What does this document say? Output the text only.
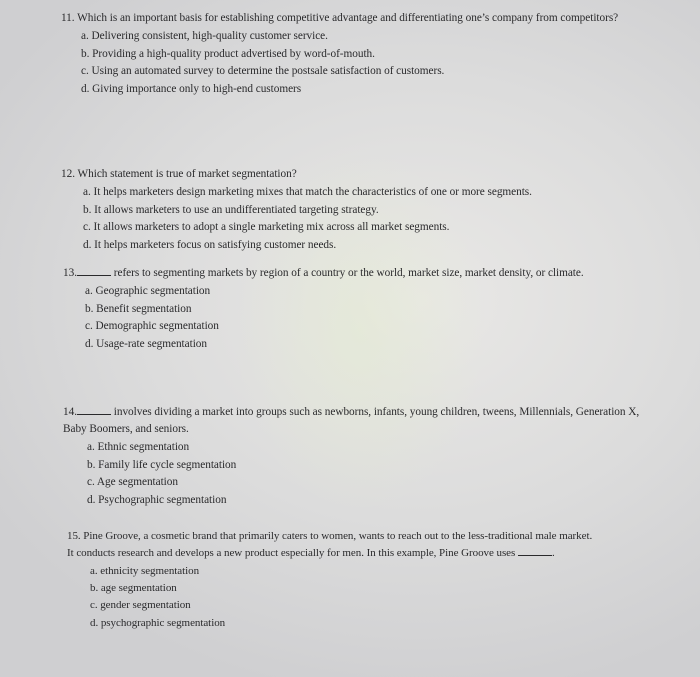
11. Which is an important basis for establishing competitive advantage and differentiating one’s company from competitors?
a. Delivering consistent, high-quality customer service.
b. Providing a high-quality product advertised by word-of-mouth.
c. Using an automated survey to determine the postsale satisfaction of customers.
d. Giving importance only to high-end customers
12. Which statement is true of market segmentation?
a. It helps marketers design marketing mixes that match the characteristics of one or more segments.
b. It allows marketers to use an undifferentiated targeting strategy.
c. It allows marketers to adopt a single marketing mix across all market segments.
d. It helps marketers focus on satisfying customer needs.
13.	refers to segmenting markets by region of a country or the world, market size, market density, or climate.
a. Geographic segmentation
b. Benefit segmentation
c. Demographic segmentation
d. Usage-rate segmentation
14.	involves dividing a market into groups such as newborns, infants, young children, tweens, Millennials, Generation X, Baby Boomers, and seniors.
a. Ethnic segmentation
b. Family life cycle segmentation
c. Age segmentation
d. Psychographic segmentation
15. Pine Groove, a cosmetic brand that primarily caters to women, wants to reach out to the less-traditional male market.
It conducts research and develops a new product especially for men. In this example, Pine Groove uses	.
a. ethnicity segmentation
b. age segmentation
c. gender segmentation
d. psychographic segmentation
